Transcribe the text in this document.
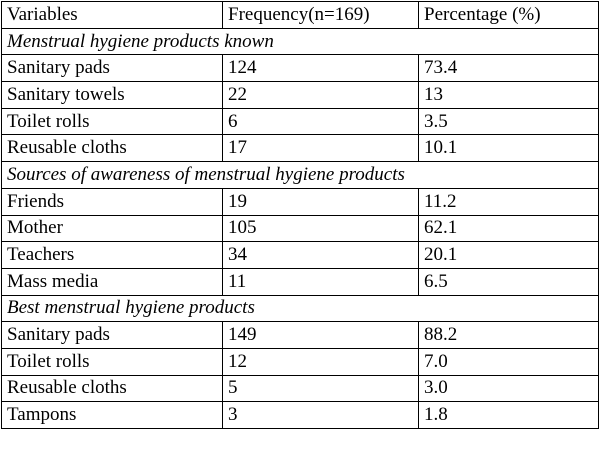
Variables	Frequency(n=169)	Percentage (%)
Menstrual hygiene products known		
Sanitary pads	124	73.4
Sanitary towels	22	13
Toilet rolls	6	3.5
Reusable cloths	17	10.1
Sources of awareness of menstrual hygiene products		
Friends	19	11.2
Mother	105	62.1
Teachers	34	20.1
Mass media	11	6.5
Best menstrual hygiene products		
Sanitary pads	149	88.2
Toilet rolls	12	7.0
Reusable cloths	5	3.0
Tampons	3	1.8
